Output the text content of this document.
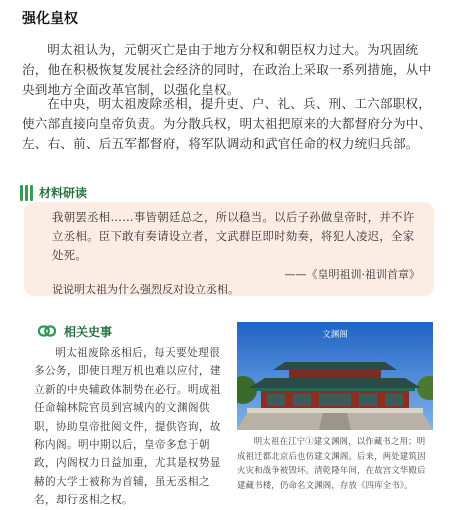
强化皇权

明太祖认为，元朝灭亡是由于地方分权和朝臣权力过大。为巩固统治，他在积极恢复发展社会经济的同时，在政治上采取一系列措施，从中央到地方全面改革官制，以强化皇权。

在中央，明太祖废除丞相，提升吏、户、礼、兵、刑、工六部职权，使六部直接向皇帝负责。为分散兵权，明太祖把原来的大都督府分为中、左、右、前、后五军都督府，将军队调动和武官任命的权力统归兵部。

材料研读

我朝罢丞相……事皆朝廷总之，所以稳当。以后子孙做皇帝时，并不许立丞相。臣下敢有奏请设立者，文武群臣即时劾奏，将犯人凌迟，全家处死。

——《皇明祖训·祖训首章》
说说明太祖为什么强烈反对设立丞相。
相关史事

明太祖废除丞相后，每天要处理很多公务，即使日理万机也难以应付，建立新的中央辅政体制势在必行。明成祖任命翰林院官员到宫城内的文渊阁供职，协助皇帝批阅文件，提供咨询，故称内阁。明中期以后，皇帝多怠于朝政，内阁权力日益加重，尤其是权势显赫的大学士被称为首辅，虽无丞相之名，却行丞相之权。

文渊阁

明太祖在江宁①建文渊阁，以作藏书之用；明成祖迁都北京后也仿建文渊阁。后来，两处建筑因火灾和战争被毁坏。清乾隆年间，在故宫文华殿后建藏书楼，仍命名文渊阁，存放《四库全书》。
